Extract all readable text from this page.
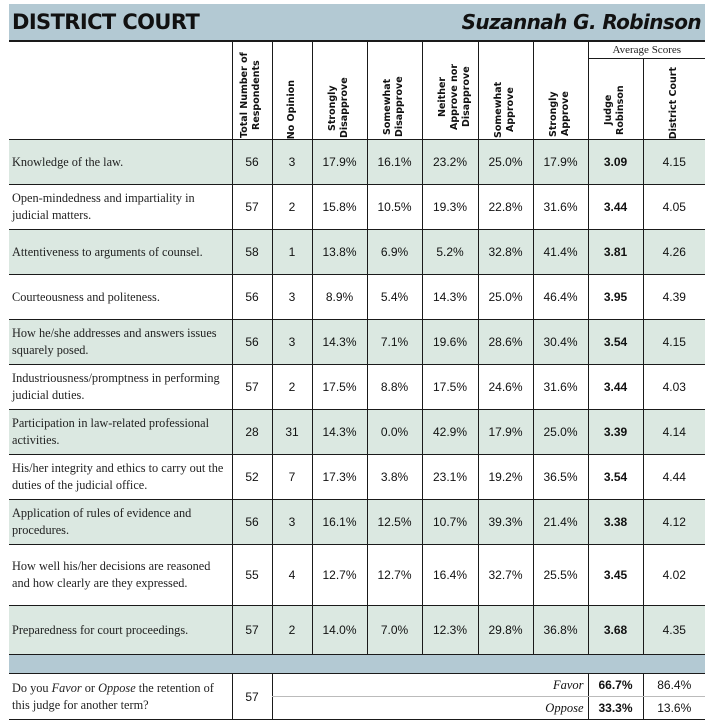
DISTRICT COURT	Suzannah G. Robinson

	Total Number of Respondents	No Opinion	Strongly Disapprove	Somewhat Disapprove	Neither Approve nor Disapprove	Somewhat Approve	Strongly Approve	Average Scores	

								Judge Robinson	District Court

Knowledge of the law.	56	3	17.9%	16.1%	23.2%	25.0%	17.9%	3.09	4.15
Open-mindedness and impartiality in judicial matters.	57	2	15.8%	10.5%	19.3%	22.8%	31.6%	3.44	4.05
Attentiveness to arguments of counsel.	58	1	13.8%	6.9%	5.2%	32.8%	41.4%	3.81	4.26
Courteousness and politeness.	56	3	8.9%	5.4%	14.3%	25.0%	46.4%	3.95	4.39
How he/she addresses and answers issues squarely posed.	56	3	14.3%	7.1%	19.6%	28.6%	30.4%	3.54	4.15
Industriousness/promptness in performing judicial duties.	57	2	17.5%	8.8%	17.5%	24.6%	31.6%	3.44	4.03
Participation in law-related professional activities.	28	31	14.3%	0.0%	42.9%	17.9%	25.0%	3.39	4.14
His/her integrity and ethics to carry out the duties of the judicial office.	52	7	17.3%	3.8%	23.1%	19.2%	36.5%	3.54	4.44
Application of rules of evidence and procedures.	56	3	16.1%	12.5%	10.7%	39.3%	21.4%	3.38	4.12
How well his/her decisions are reasoned and how clearly are they expressed.	55	4	12.7%	12.7%	16.4%	32.7%	25.5%	3.45	4.02
Preparedness for court proceedings.	57	2	14.0%	7.0%	12.3%	29.8%	36.8%	3.68	4.35

Do you Favor or Oppose the retention of this judge for another term?	57	Favor						66.7%	86.4%
		Oppose						33.3%	13.6%
